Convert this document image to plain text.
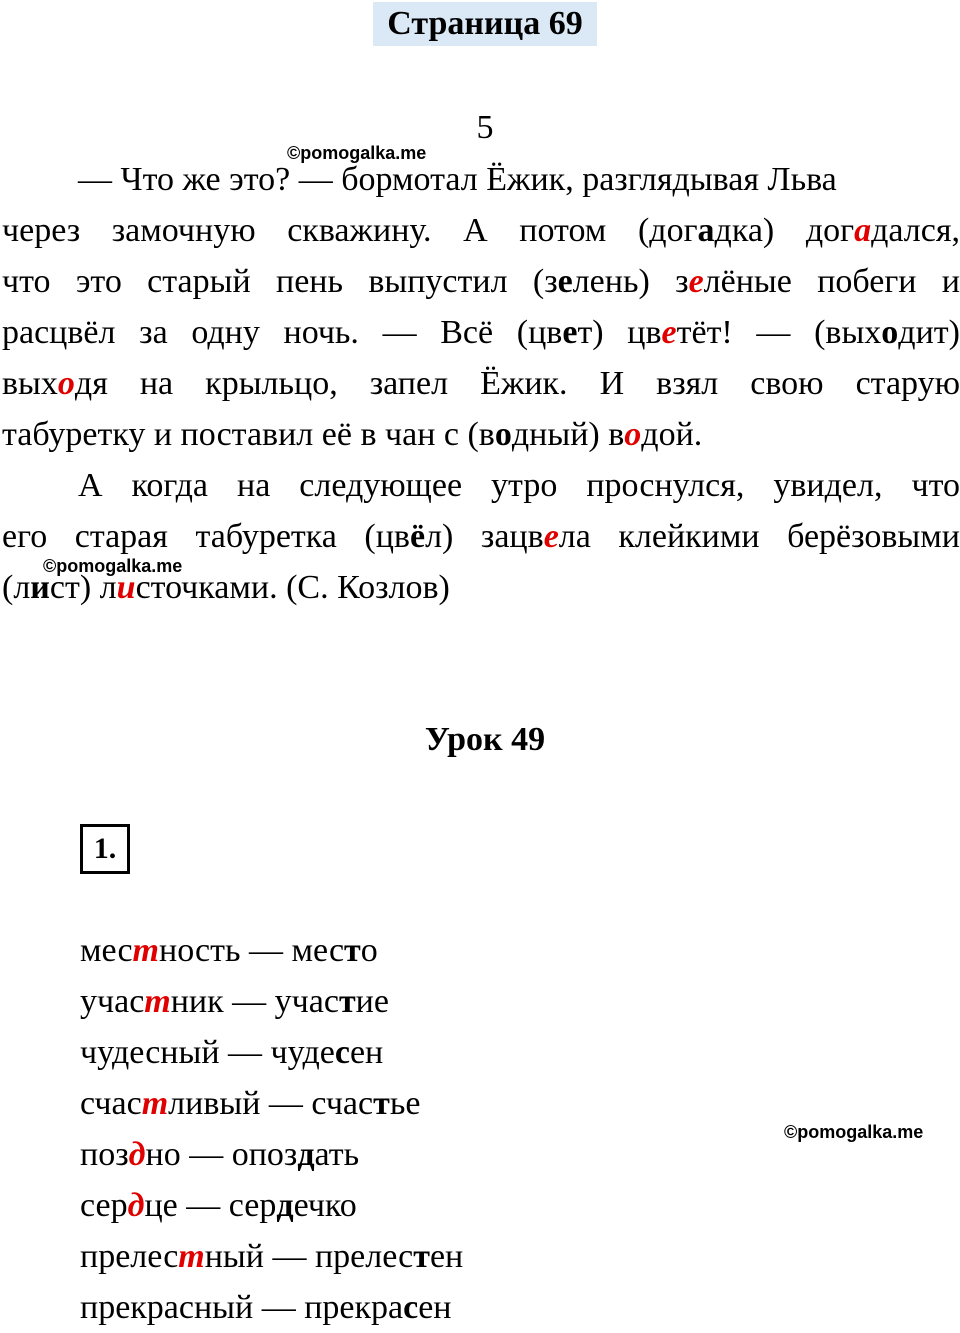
Страница 69
5
©pomogalka.me
— Что же это? — бормотал Ёжик, разглядывая Льва
через замочную скважину. А потом (догадка) догадался,
что это старый пень выпустил (зелень) зелёные побеги и
расцвёл за одну ночь. — Всё (цвет) цветёт! — (выходит)
выходя на крыльцо, запел Ёжик. И взял свою старую
табуретку и поставил её в чан с (водный) водой.
А когда на следующее утро проснулся, увидел, что
его старая табуретка (цвёл) зацвела клейкими берёзовыми
(лист) листочками. (С. Козлов)
©pomogalka.me
Урок 49
1.
местность — место
участник — участие
чудесный — чудесен
счастливый — счастье
поздно — опоздать
сердце — сердечко
прелестный — прелестен
прекрасный — прекрасен
©pomogalka.me
